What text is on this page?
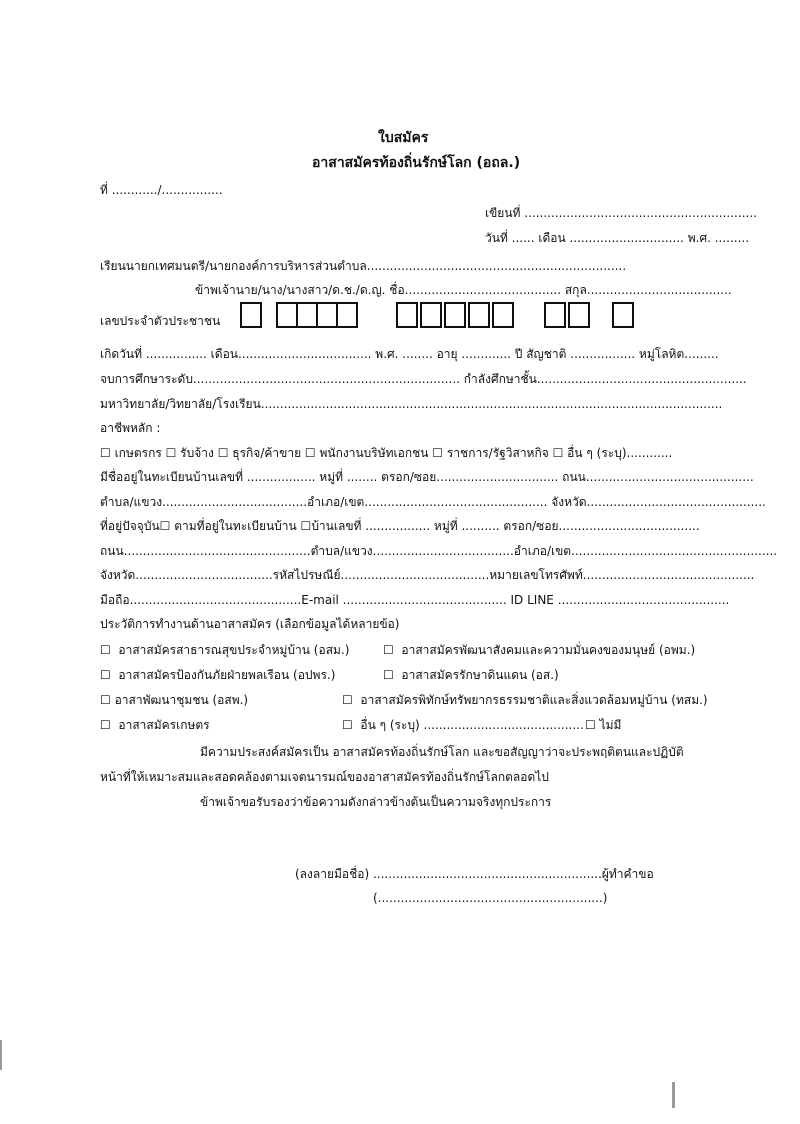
ใบสมัคร
อาสาสมัครท้องถิ่นรักษ์โลก (อถล.)
ที่ ............/................
เขียนที่ .............................................................
วันที่ ...... เดือน .............................. พ.ศ. .........
เรียนนายกเทศมนตรี/นายกองค์การบริหารส่วนตำบล....................................................................
ข้าพเจ้านาย/นาง/นางสาว/ด.ช./ด.ญ. ชื่อ......................................... สกุล......................................
เลขประจำตัวประชาชน
เกิดวันที่ ................ เดือน................................... พ.ศ. ........ อายุ ............. ปี สัญชาติ ................. หมู่โลหิต.........
จบการศึกษาระดับ...................................................................... กำลังศึกษาชั้น.......................................................
มหาวิทยาลัย/วิทยาลัย/โรงเรียน.........................................................................................................................
อาชีพหลัก :
☐ เกษตรกร ☐ รับจ้าง ☐ ธุรกิจ/ค้าขาย ☐ พนักงานบริษัทเอกชน ☐ ราชการ/รัฐวิสาหกิจ ☐ อื่น ๆ (ระบุ)............
มีชื่ออยู่ในทะเบียนบ้านเลขที่ .................. หมู่ที่ ........ ตรอก/ซอย................................ ถนน............................................
ตำบล/แขวง......................................อำเภอ/เขต................................................ จังหวัด...............................................
ที่อยู่ปัจจุบัน☐ ตามที่อยู่ในทะเบียนบ้าน ☐บ้านเลขที่ ................. หมู่ที่ .......... ตรอก/ซอย.....................................
ถนน.................................................ตำบล/แขวง.....................................อำเภอ/เขต......................................................
จังหวัด....................................รหัสไปรษณีย์.......................................หมายเลขโทรศัพท์.............................................
มือถือ.............................................E-mail ........................................... ID LINE .............................................
ประวัติการทำงานด้านอาสาสมัคร (เลือกข้อมูลได้หลายข้อ)
☐  อาสาสมัครสาธารณสุขประจำหมู่บ้าน (อสม.)	☐  อาสาสมัครพัฒนาสังคมและความมั่นคงของมนุษย์ (อพม.)
☐  อาสาสมัครป้องกันภัยฝ่ายพลเรือน (อปพร.)	☐  อาสาสมัครรักษาดินแดน (อส.)
☐ อาสาพัฒนาชุมชน (อสพ.)	☐  อาสาสมัครพิทักษ์ทรัพยากรธรรมชาติและสิ่งแวดล้อมหมู่บ้าน (ทสม.)
☐  อาสาสมัครเกษตร	☐  อื่น ๆ (ระบุ) .......................................... ☐ ไม่มี
มีความประสงค์สมัครเป็น อาสาสมัครท้องถิ่นรักษ์โลก และขอสัญญาว่าจะประพฤติตนและปฏิบัติ
หน้าที่ให้เหมาะสมและสอดคล้องตามเจตนารมณ์ของอาสาสมัครท้องถิ่นรักษ์โลกตลอดไป
ข้าพเจ้าขอรับรองว่าข้อความดังกล่าวข้างต้นเป็นความจริงทุกประการ
(ลงลายมือชื่อ) ............................................................ผู้ทำคำขอ
(...........................................................)
